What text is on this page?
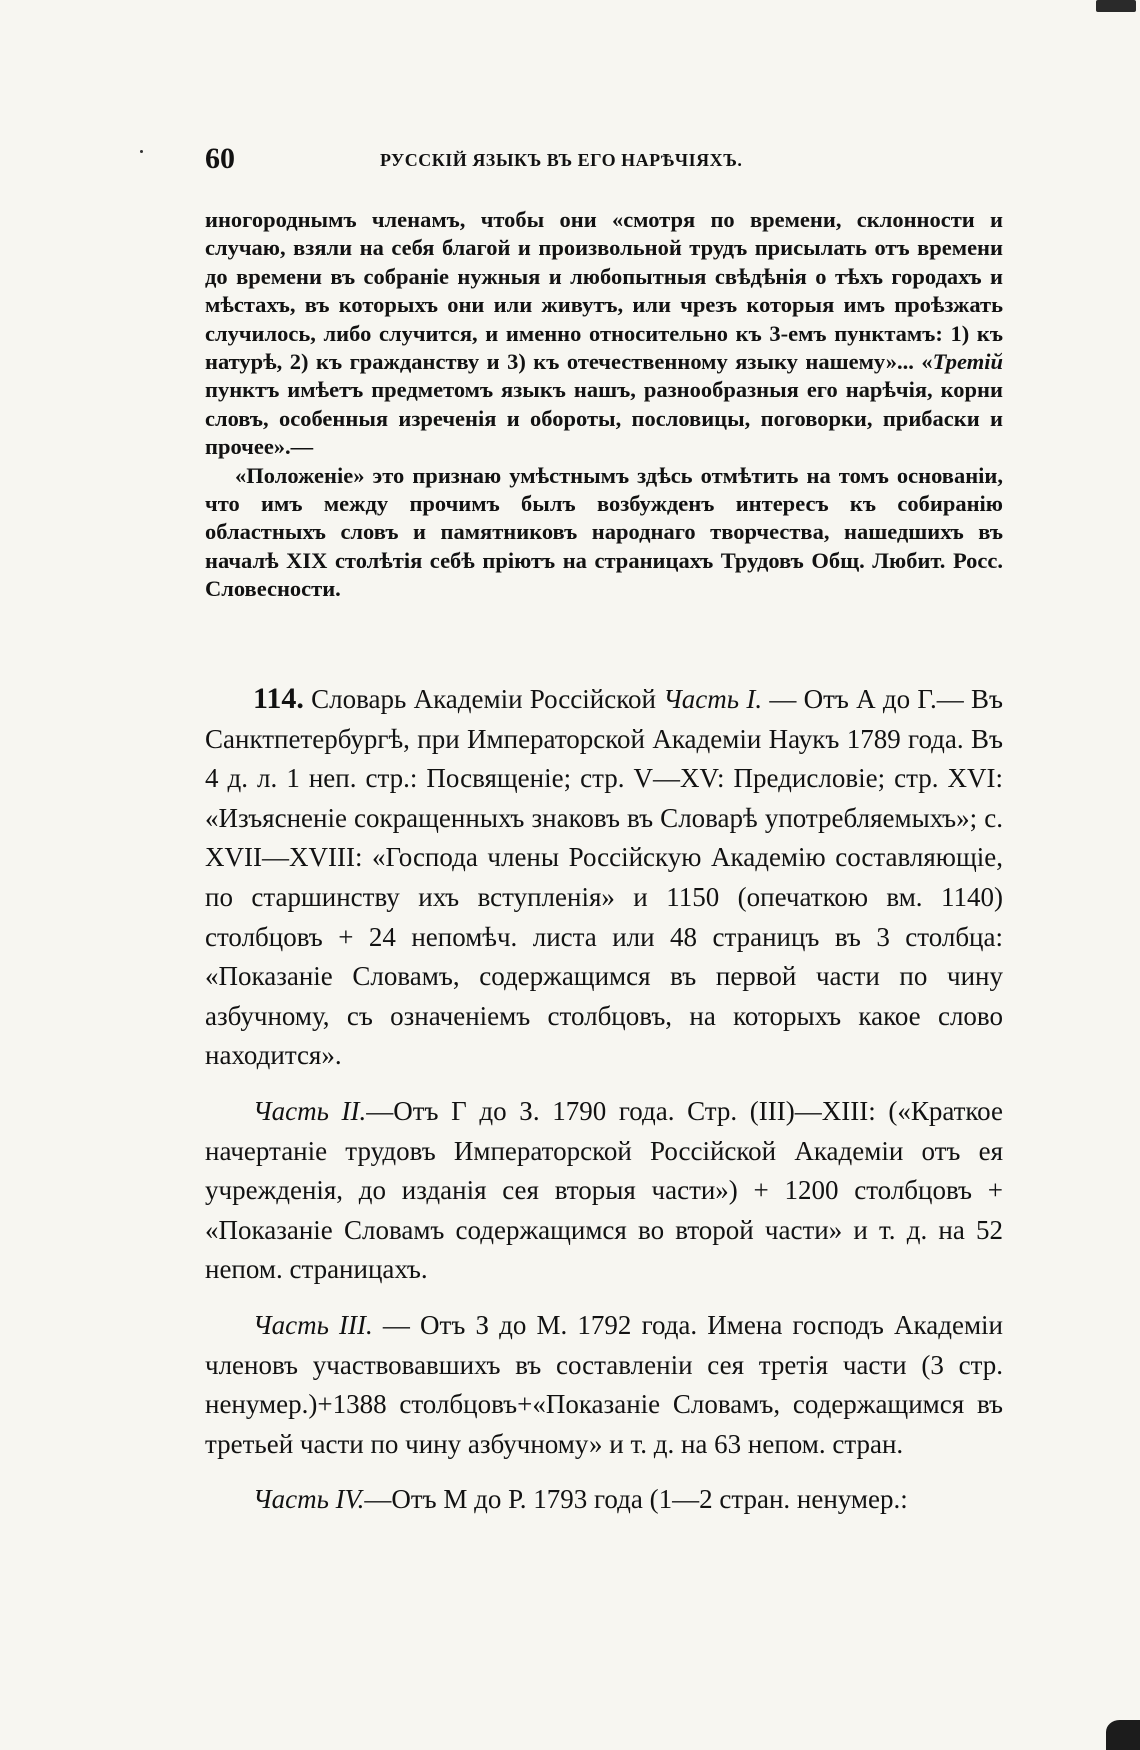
60	РУССКІЙ ЯЗЫКЪ ВЪ ЕГО НАРѢЧІЯХЪ.

иногороднымъ членамъ, чтобы они «смотря по времени, склонности и случаю, взяли на себя благой и произвольной трудъ присылать отъ времени до времени въ собраніе нужныя и любопытныя свѣдѣнія о тѣхъ городахъ и мѣстахъ, въ которыхъ они или живутъ, или чрезъ которыя имъ проѣзжать случилось, либо случится, и именно относительно къ 3-емъ пунктамъ: 1) къ натурѣ, 2) къ гражданству и 3) къ отечественному языку нашему»... «Третій пунктъ имѣетъ предметомъ языкъ нашъ, разнообразныя его нарѣчія, корни словъ, особенныя изреченія и обороты, пословицы, поговорки, прибаски и прочее».—

«Положеніе» это признаю умѣстнымъ здѣсь отмѣтить на томъ основаніи, что имъ между прочимъ былъ возбужденъ интересъ къ собиранію областныхъ словъ и памятниковъ народнаго творчества, нашедшихъ въ началѣ XIX столѣтія себѣ пріютъ на страницахъ Трудовъ Общ. Любит. Росс. Словесности.

114. Словарь Академіи Россійской Часть I. — Отъ А до Г.— Въ Санктпетербургѣ, при Императорской Академіи Наукъ 1789 года. Въ 4 д. л. 1 неп. стр.: Посвященіе; стр. V—XV: Предисловіе; стр. XVI: «Изъясненіе сокращенныхъ знаковъ въ Словарѣ употребляемыхъ»; с. XVII—XVIII: «Господа члены Россійскую Академію составляющіе, по старшинству ихъ вступленія» и 1150 (опечаткою вм. 1140) столбцовъ + 24 непомѣч. листа или 48 страницъ въ 3 столбца: «Показаніе Словамъ, содержащимся въ первой части по чину азбучному, съ означеніемъ столбцовъ, на которыхъ какое слово находится».

Часть II.—Отъ Г до З. 1790 года. Стр. (III)—XIII: («Краткое начертаніе трудовъ Императорской Россійской Академіи отъ ея учрежденія, до изданія сея вторыя части») + 1200 столбцовъ + «Показаніе Словамъ содержащимся во второй части» и т. д. на 52 непом. страницахъ.

Часть III. — Отъ З до М. 1792 года. Имена господъ Академіи членовъ участвовавшихъ въ составленіи сея третія части (3 стр. ненумер.)+1388 столбцовъ+«Показаніе Словамъ, содержащимся въ третьей части по чину азбучному» и т. д. на 63 непом. стран.

Часть IV.—Отъ М до Р. 1793 года (1—2 стран. ненумер.:
